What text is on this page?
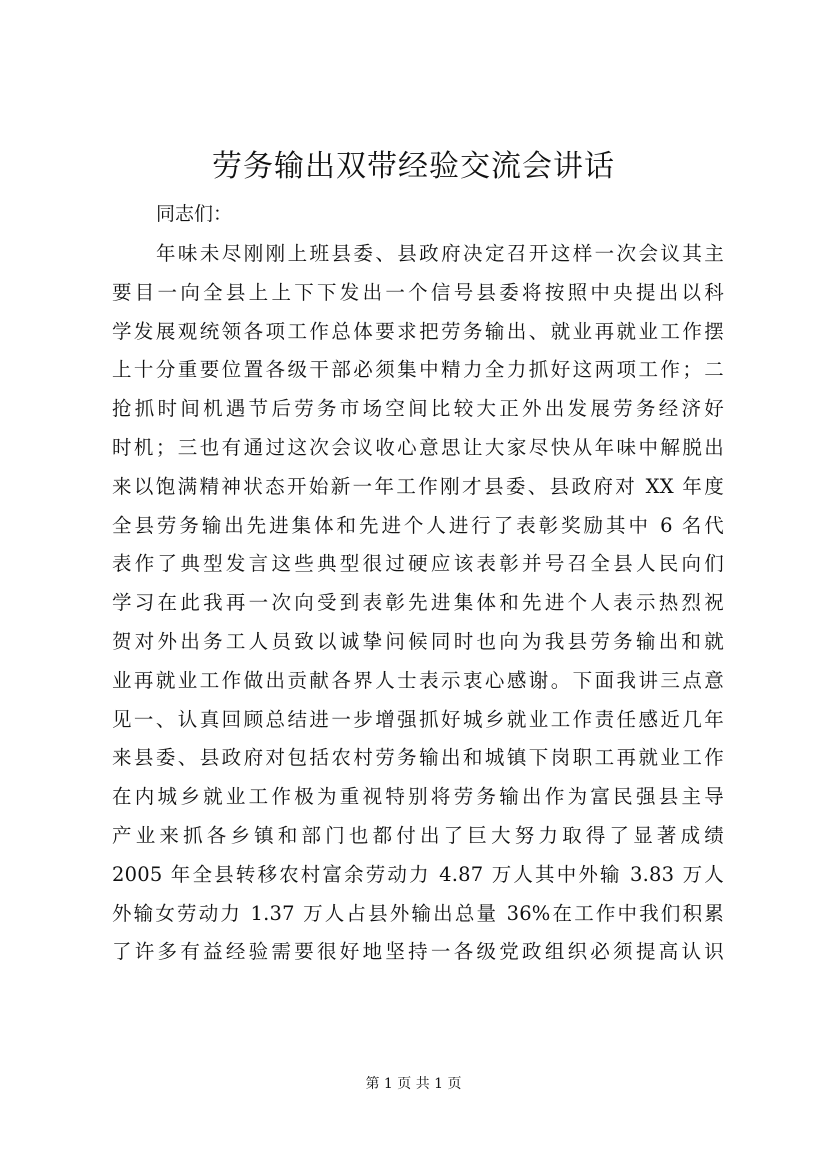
劳务输出双带经验交流会讲话
同志们：
年味未尽刚刚上班县委、县政府决定召开这样一次会议其主
要目一向全县上上下下发出一个信号县委将按照中央提出以科
学发展观统领各项工作总体要求把劳务输出、就业再就业工作摆
上十分重要位置各级干部必须集中精力全力抓好这两项工作；二
抢抓时间机遇节后劳务市场空间比较大正外出发展劳务经济好
时机；三也有通过这次会议收心意思让大家尽快从年味中解脱出
来以饱满精神状态开始新一年工作刚才县委、县政府对 XX 年度
全县劳务输出先进集体和先进个人进行了表彰奖励其中 6 名代
表作了典型发言这些典型很过硬应该表彰并号召全县人民向们
学习在此我再一次向受到表彰先进集体和先进个人表示热烈祝
贺对外出务工人员致以诚挚问候同时也向为我县劳务输出和就
业再就业工作做出贡献各界人士表示衷心感谢。下面我讲三点意
见一、认真回顾总结进一步增强抓好城乡就业工作责任感近几年
来县委、县政府对包括农村劳务输出和城镇下岗职工再就业工作
在内城乡就业工作极为重视特别将劳务输出作为富民强县主导
产业来抓各乡镇和部门也都付出了巨大努力取得了显著成绩
2005 年全县转移农村富余劳动力 4.87 万人其中外输 3.83 万人
外输女劳动力 1.37 万人占县外输出总量 36%在工作中我们积累
了许多有益经验需要很好地坚持一各级党政组织必须提高认识
第 1 页 共 1 页
